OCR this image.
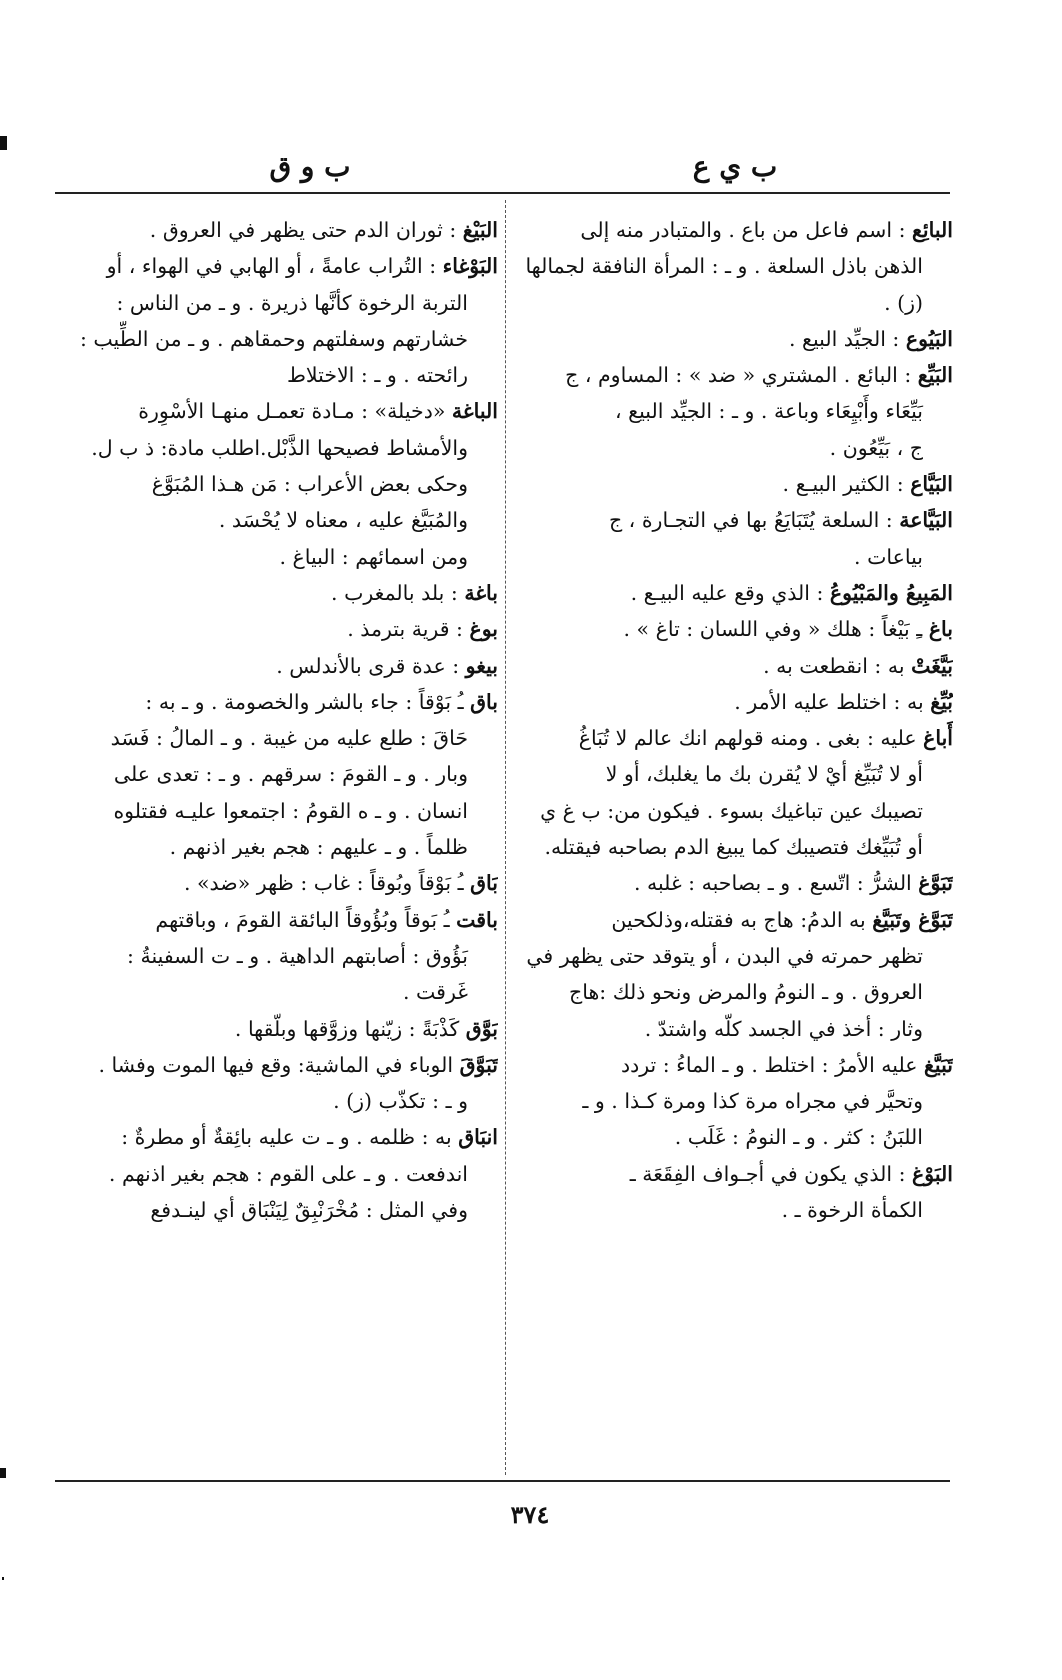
ب ي ع
ب و ق
البائِع : اسم فاعل من باع . والمتبادر منه إلى
الذهن باذل السلعة . و ـ : المرأة النافقة لجمالها
(ز) .
البَيُوع : الجيِّد البيع .
البَيِّع : البائع . المشتري « ضد » : المساوم ، ج
بَيِّعَاء وأَبْيِعَاء وباعة . و ـ : الجيِّد البيع ،
ج ، بَيِّعُون .
البَيَّاع : الكثير البيـع .
البَيَّاعة : السلعة يُتَبَايَعُ بها في التجـارة ، ج
بياعات .
المَبِيعُ والمَبْيُوعُ : الذي وقع عليه البيـع .
باغ ـِ بَيْغاً : هلك « وفي اللسان : تاغ » .
بَيَّغَتْ به : انقطعت به .
بُيِّغ به : اختلط عليه الأمر .
أَباغ عليه : بغى . ومنه قولهم انك عالم لا تُبَاغُ
أو لا تُبَيِّغ أيْ لا يُقرن بك ما يغلبك، أو لا
تصيبك عين تباغيك بسوء . فيكون من: ب غ ي
أو تُبَيِّغك فتصيبك كما يبيغ الدم بصاحبه فيقتله.
تَبَوَّغ الشرُّ : اتّسع . و ـ بصاحبه : غلبه .
تَبَوَّغ وتَبَيَّغ به الدمُ: هاج به فقتله،وذلكحين
تظهر حمرته في البدن ، أو يتوقد حتى يظهر في
العروق . و ـ النومُ والمرض ونحو ذلك :هاج
وثار : أخذ في الجسد كلّه واشتدّ .
تَبَيَّغ عليه الأمرُ : اختلط . و ـ الماءُ : تردد
وتحيَّر في مجراه مرة كذا ومرة كـذا . و ـ
اللبَنُ : كثر . و ـ النومُ : غَلَب .
البَوْغ : الذي يكون في أجـواف الفِقَعَة ـ
الكمأة الرخوة ـ .
البَيْغ : ثوران الدم حتى يظهر في العروق .
البَوْغاء : التُراب عامةً ، أو الهابي في الهواء ، أو
التربة الرخوة كأنَّها ذريرة . و ـ من الناس :
خشارتهم وسفلتهم وحمقاهم . و ـ من الطِّيب :
رائحته . و ـ : الاختلاط
الباغة «دخيلة» : مـادة تعمـل منهـا الأسْوِرة
والأمشاط فصيحها الذَّبْل.اطلب مادة: ذ ب ل.
وحكى بعض الأعراب : مَن هـذا المُبَوَّغ
والمُبَيَّغ عليه ، معناه لا يُحْسَد .
ومن اسمائهم : البياغ .
باغة : بلد بالمغرب .
بوغ : قرية بترمذ .
بيغو : عدة قرى بالأندلس .
باق ـُ بَوْقاً : جاء بالشر والخصومة . و ـ به :
حَاقَ : طلع عليه من غيبة . و ـ المالُ : فَسَد
وبار . و ـ القومَ : سرقهم . و ـ : تعدى على
انسان . و ـ ه القومُ : اجتمعوا عليـه فقتلوه
ظلماً . و ـ عليهم : هجم بغير اذنهم .
بَاق ـُ بَوْقاً وبُوقاً : غاب : ظهر «ضد» .
باقت ـُ بَوقاً وبُؤُوقاً البائقة القومَ ، وباقتهم
بَؤُوق : أصابتهم الداهية . و ـ ت السفينةُ :
غَرقت .
بَوَّق كَذْبَةً : زيّنها وزوَّقها وبلّقها .
تَبَوَّقَ الوباء في الماشية: وقع فيها الموت وفشا .
و ـ : تكذّب (ز) .
انبَاق به : ظلمه . و ـ ت عليه بائِقةٌ أو مطرةٌ :
اندفعت . و ـ على القوم : هجم بغير اذنهم .
وفي المثل : مُخْرَنْبِقٌ لِيَنْبَاق أي لينـدفع
٣٧٤
